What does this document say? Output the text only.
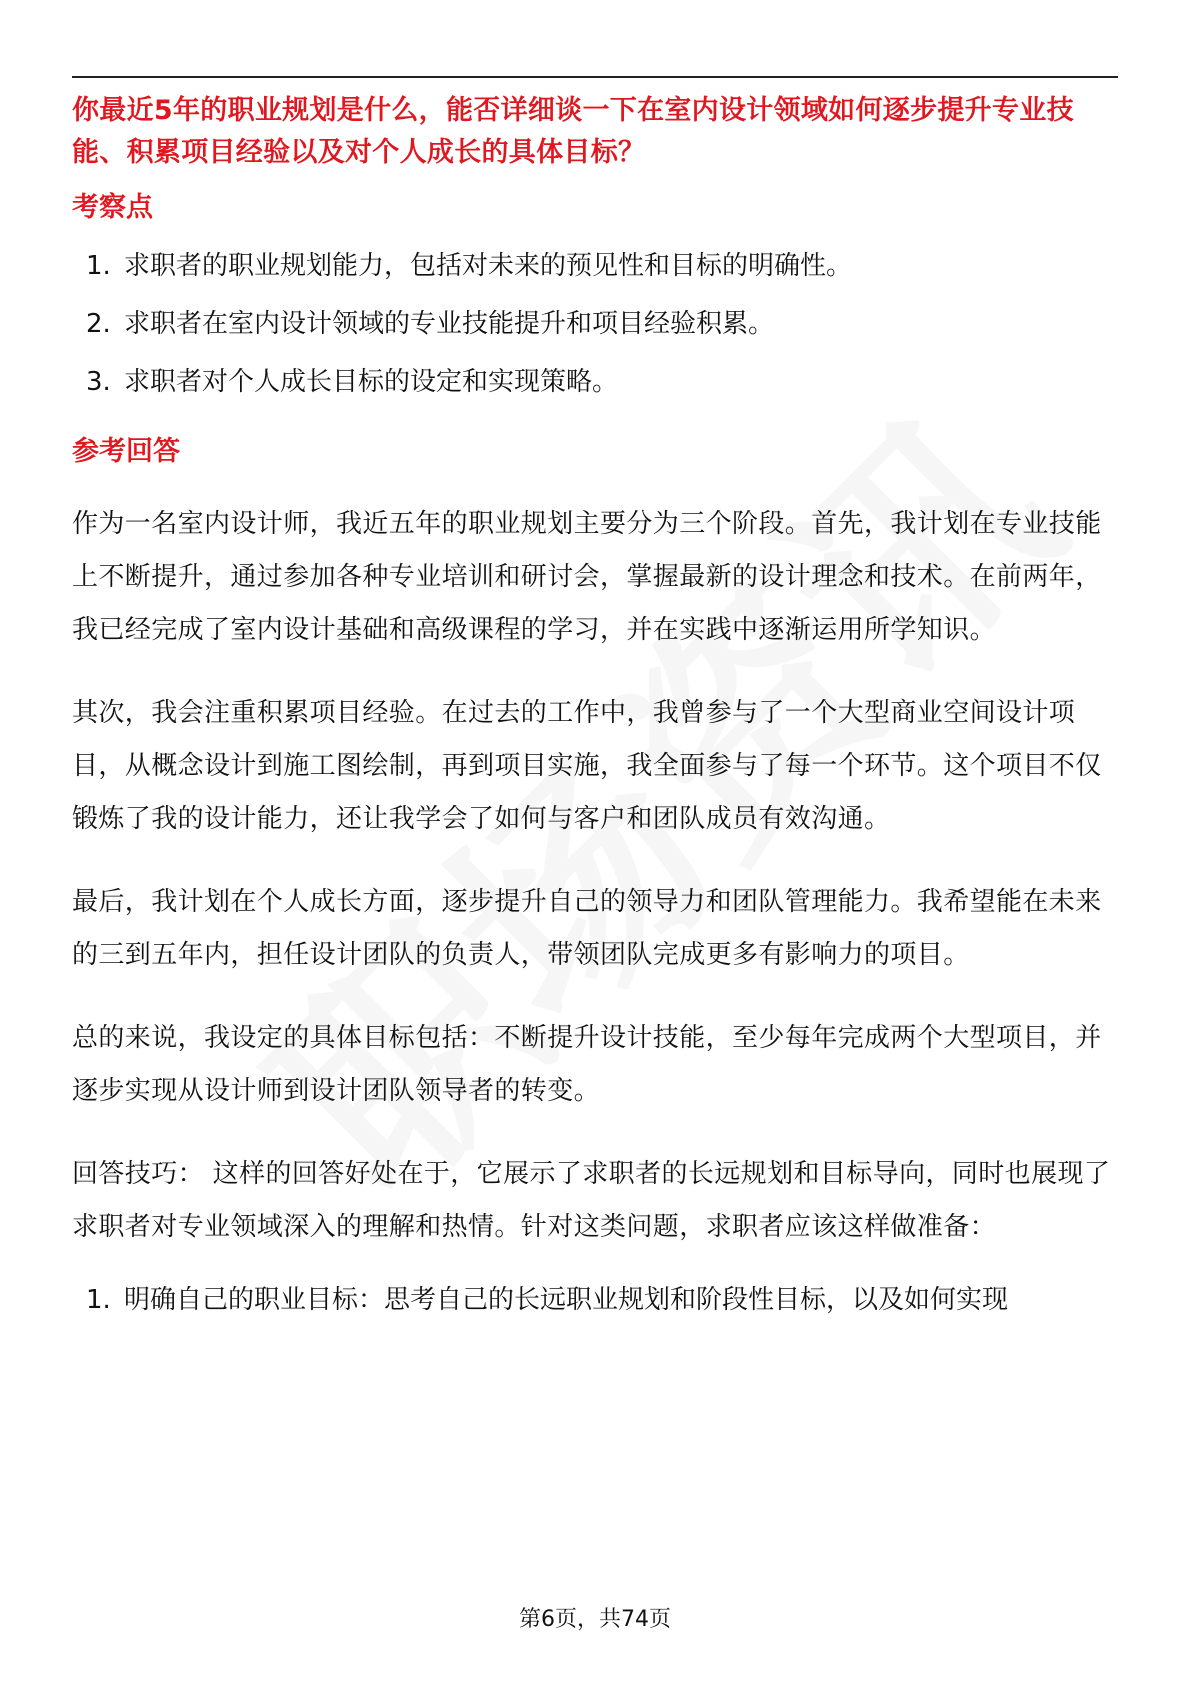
你最近5年的职业规划是什么，能否详细谈一下在室内设计领域如何逐步提升专业技能、积累项目经验以及对个人成长的具体目标？

考察点

1. 求职者的职业规划能力，包括对未来的预见性和目标的明确性。
2. 求职者在室内设计领域的专业技能提升和项目经验积累。
3. 求职者对个人成长目标的设定和实现策略。

参考回答

作为一名室内设计师，我近五年的职业规划主要分为三个阶段。首先，我计划在专业技能上不断提升，通过参加各种专业培训和研讨会，掌握最新的设计理念和技术。在前两年，我已经完成了室内设计基础和高级课程的学习，并在实践中逐渐运用所学知识。

其次，我会注重积累项目经验。在过去的工作中，我曾参与了一个大型商业空间设计项目，从概念设计到施工图绘制，再到项目实施，我全面参与了每一个环节。这个项目不仅锻炼了我的设计能力，还让我学会了如何与客户和团队成员有效沟通。

最后，我计划在个人成长方面，逐步提升自己的领导力和团队管理能力。我希望能在未来的三到五年内，担任设计团队的负责人，带领团队完成更多有影响力的项目。

总的来说，我设定的具体目标包括：不断提升设计技能，至少每年完成两个大型项目，并逐步实现从设计师到设计团队领导者的转变。

回答技巧： 这样的回答好处在于，它展示了求职者的长远规划和目标导向，同时也展现了求职者对专业领域深入的理解和热情。针对这类问题，求职者应该这样做准备：

1. 明确自己的职业目标：思考自己的长远职业规划和阶段性目标，以及如何实现
第6页，共74页
